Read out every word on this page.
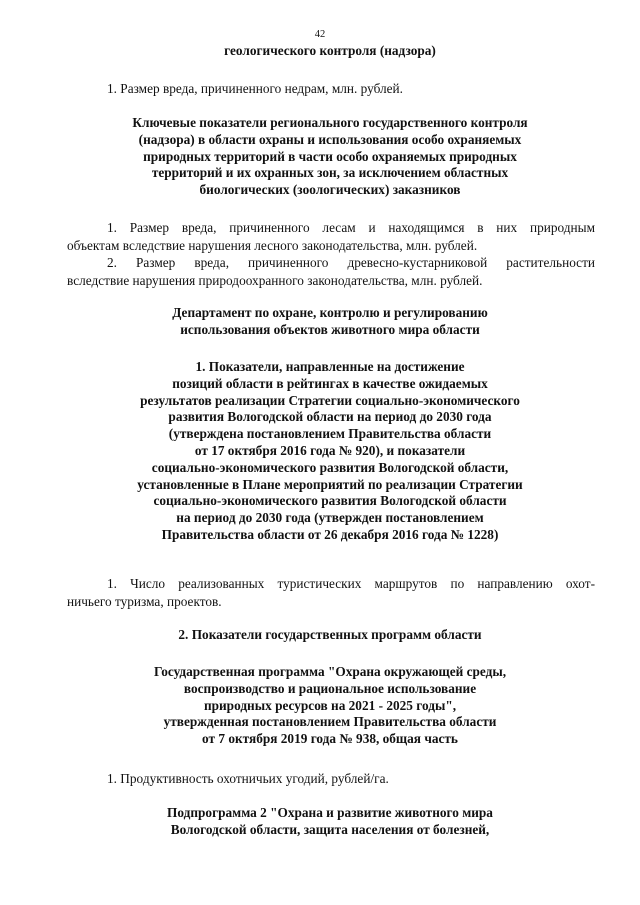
42
геологического контроля (надзора)
1. Размер вреда, причиненного недрам, млн. рублей.
Ключевые показатели регионального государственного контроля
(надзора) в области охраны и использования особо охраняемых
природных территорий в части особо охраняемых природных
территорий и их охранных зон, за исключением областных
биологических (зоологических) заказников
1. Размер вреда, причиненного лесам и находящимся в них природным
объектам вследствие нарушения лесного законодательства, млн. рублей.
2. Размер вреда, причиненного древесно-кустарниковой растительности
вследствие нарушения природоохранного законодательства, млн. рублей.
Департамент по охране, контролю и регулированию
использования объектов животного мира области
1. Показатели, направленные на достижение
позиций области в рейтингах в качестве ожидаемых
результатов реализации Стратегии социально-экономического
развития Вологодской области на период до 2030 года
(утверждена постановлением Правительства области
от 17 октября 2016 года № 920), и показатели
социально-экономического развития Вологодской области,
установленные в Плане мероприятий по реализации Стратегии
социально-экономического развития Вологодской области
на период до 2030 года (утвержден постановлением
Правительства области от 26 декабря 2016 года № 1228)
1. Число реализованных туристических маршрутов по направлению охот-
ничьего туризма, проектов.
2. Показатели государственных программ области
Государственная программа "Охрана окружающей среды,
воспроизводство и рациональное использование
природных ресурсов на 2021 - 2025 годы",
утвержденная постановлением Правительства области
от 7 октября 2019 года № 938, общая часть
1. Продуктивность охотничьих угодий, рублей/га.
Подпрограмма 2 "Охрана и развитие животного мира
Вологодской области, защита населения от болезней,
